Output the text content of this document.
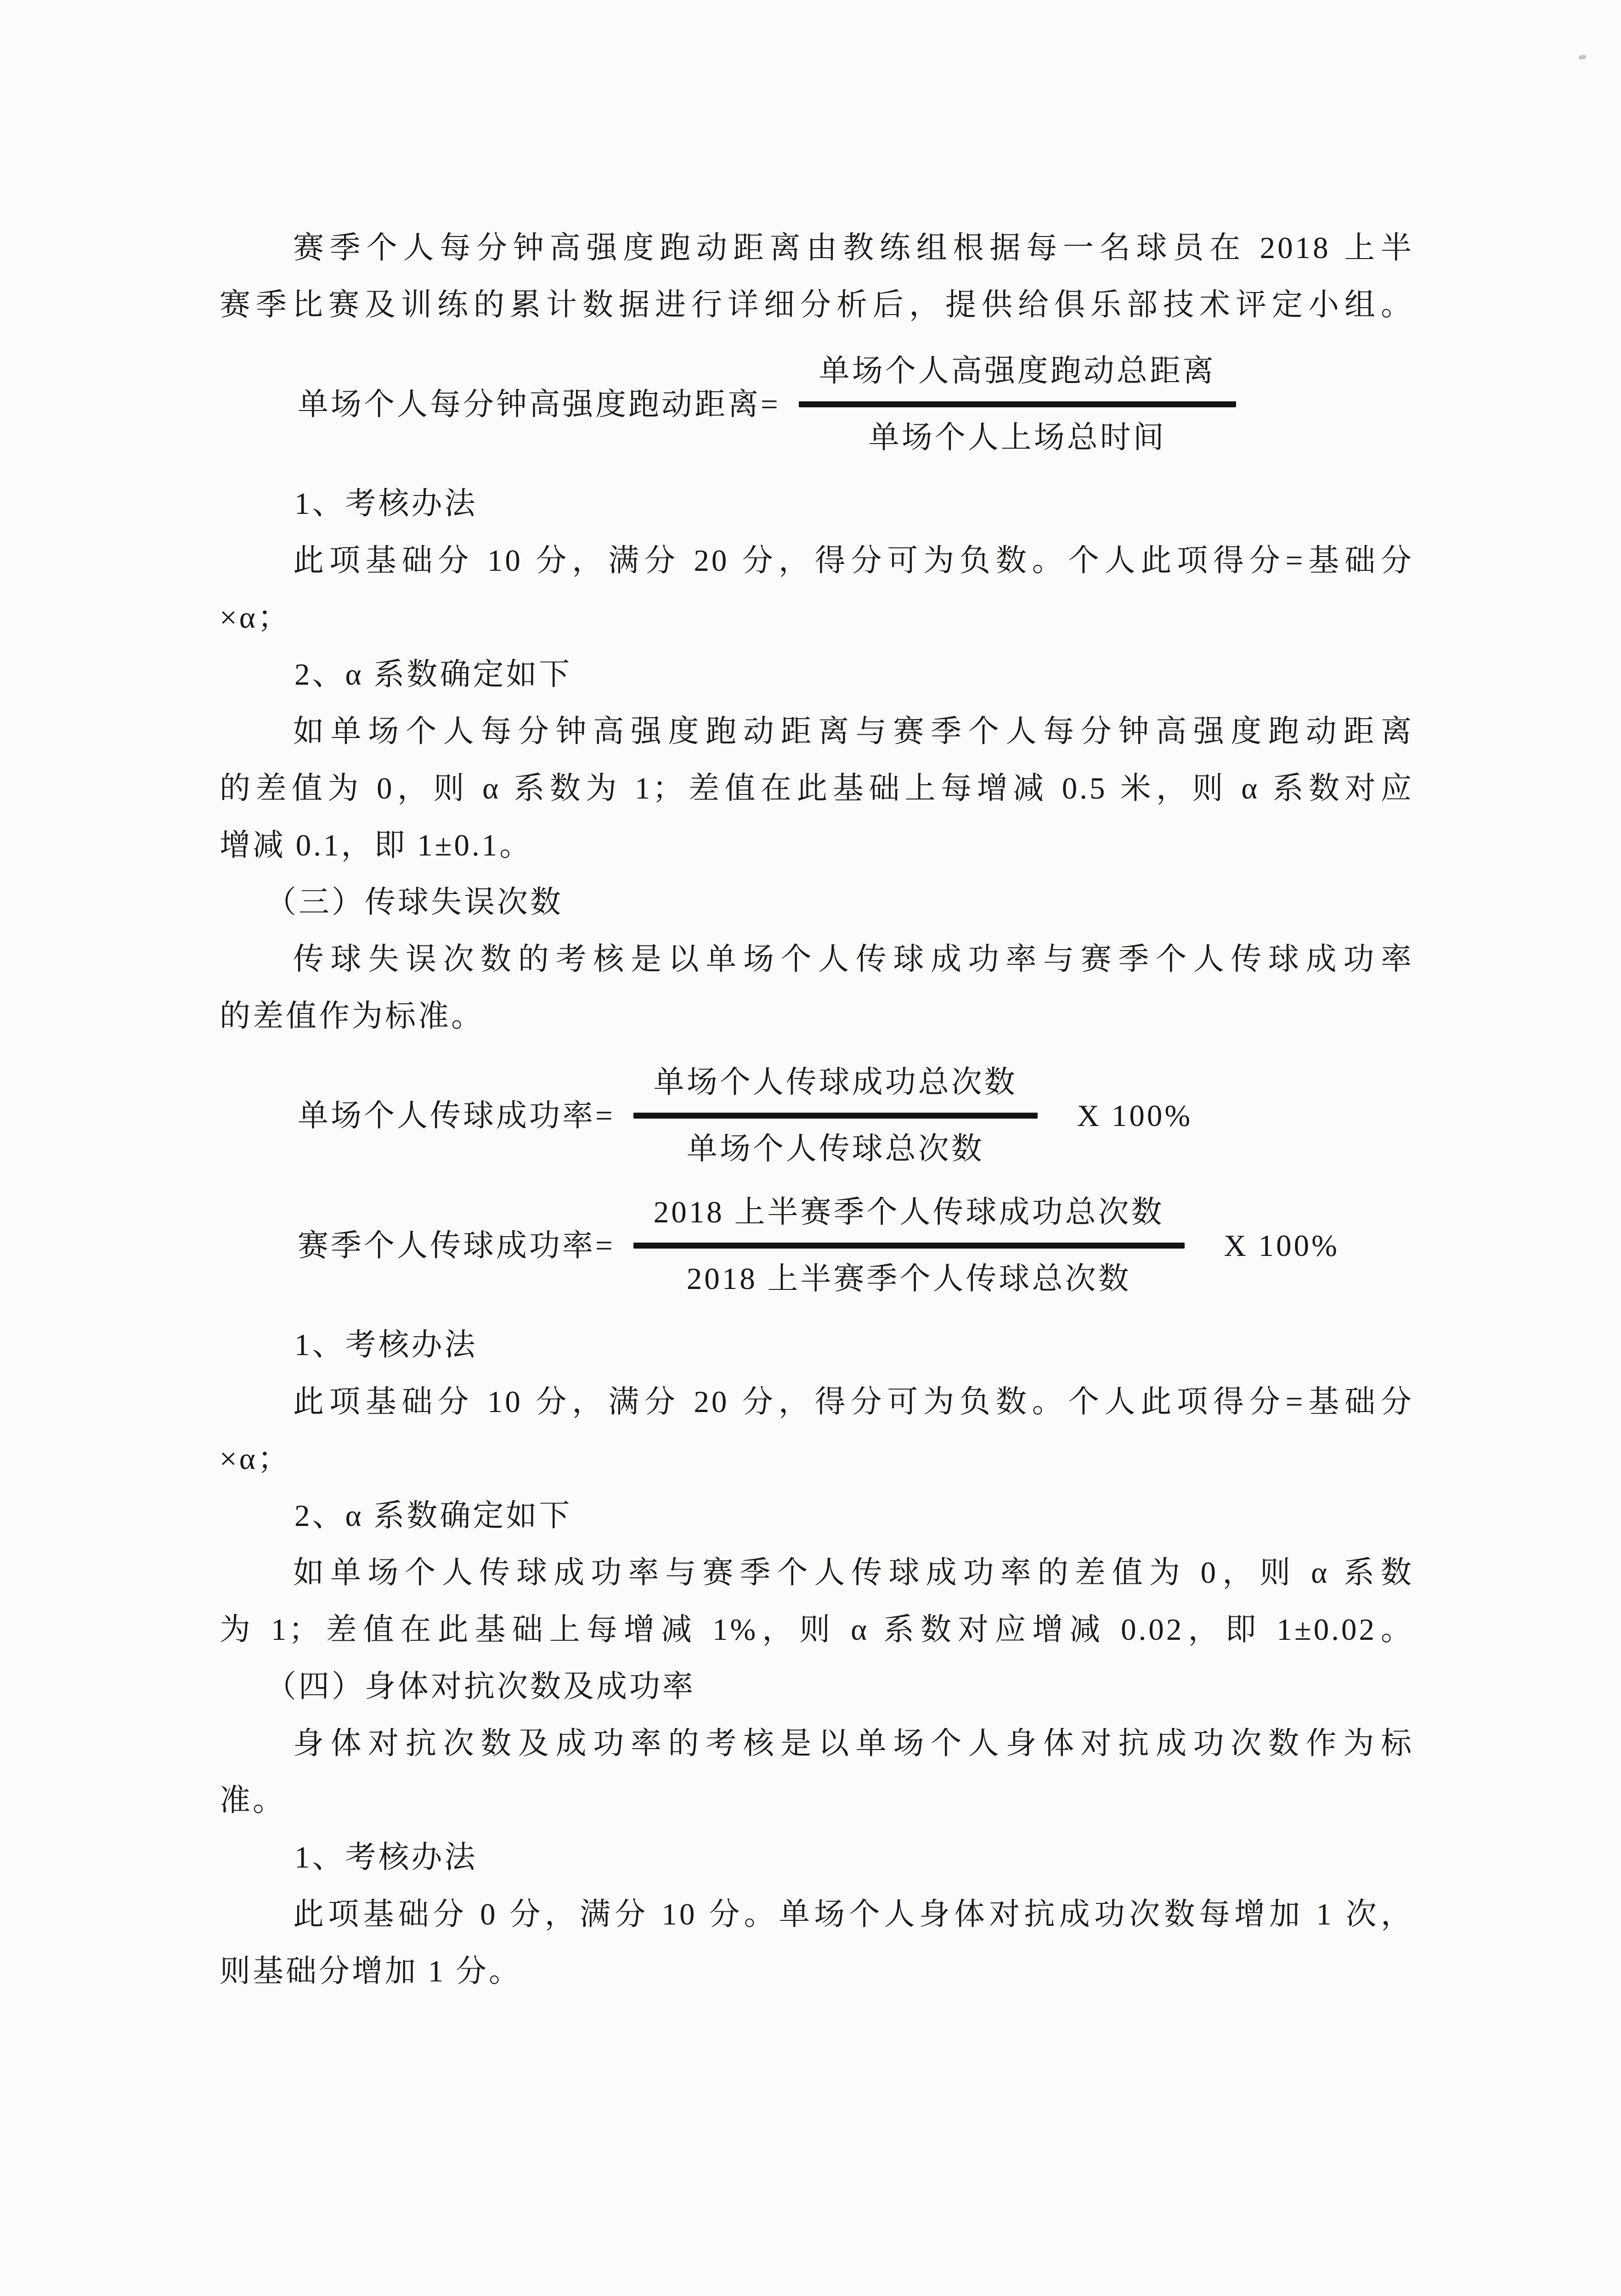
赛季个人每分钟高强度跑动距离由教练组根据每一名球员在 2018 上半
赛季比赛及训练的累计数据进行详细分析后，提供给俱乐部技术评定小组。

单场个人每分钟高强度跑动距离=
单场个人高强度跑动总距离
单场个人上场总时间
1、考核办法

此项基础分 10 分，满分 20 分，得分可为负数。个人此项得分=基础分
×α；

2、α 系数确定如下

如单场个人每分钟高强度跑动距离与赛季个人每分钟高强度跑动距离
的差值为 0，则 α 系数为 1；差值在此基础上每增减 0.5 米，则 α 系数对应
增减 0.1，即 1±0.1。

（三）传球失误次数

传球失误次数的考核是以单场个人传球成功率与赛季个人传球成功率
的差值作为标准。

单场个人传球成功率=
单场个人传球成功总次数
单场个人传球总次数
X 100%
赛季个人传球成功率=
2018 上半赛季个人传球成功总次数
2018 上半赛季个人传球总次数
X 100%
1、考核办法

此项基础分 10 分，满分 20 分，得分可为负数。个人此项得分=基础分
×α；

2、α 系数确定如下

如单场个人传球成功率与赛季个人传球成功率的差值为 0，则 α 系数
为 1；差值在此基础上每增减 1%，则 α 系数对应增减 0.02，即 1±0.02。

（四）身体对抗次数及成功率

身体对抗次数及成功率的考核是以单场个人身体对抗成功次数作为标
准。

1、考核办法

此项基础分 0 分，满分 10 分。单场个人身体对抗成功次数每增加 1 次，
则基础分增加 1 分。
